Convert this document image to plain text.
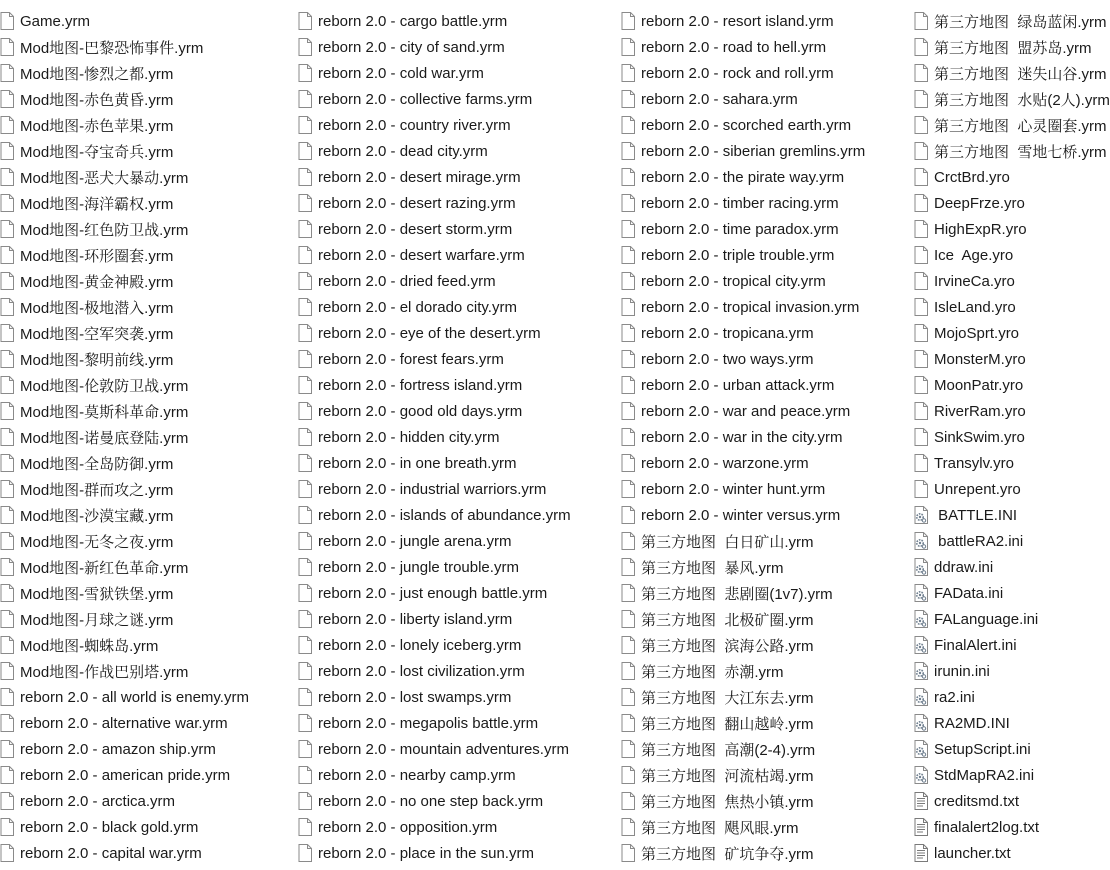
Game.yrm
Mod地图-巴黎恐怖事件.yrm
Mod地图-惨烈之都.yrm
Mod地图-赤色黄昏.yrm
Mod地图-赤色苹果.yrm
Mod地图-夺宝奇兵.yrm
Mod地图-恶犬大暴动.yrm
Mod地图-海洋霸权.yrm
Mod地图-红色防卫战.yrm
Mod地图-环形圈套.yrm
Mod地图-黄金神殿.yrm
Mod地图-极地潜入.yrm
Mod地图-空军突袭.yrm
Mod地图-黎明前线.yrm
Mod地图-伦敦防卫战.yrm
Mod地图-莫斯科革命.yrm
Mod地图-诺曼底登陆.yrm
Mod地图-全岛防御.yrm
Mod地图-群而攻之.yrm
Mod地图-沙漠宝藏.yrm
Mod地图-无冬之夜.yrm
Mod地图-新红色革命.yrm
Mod地图-雪狱铁堡.yrm
Mod地图-月球之谜.yrm
Mod地图-蜘蛛岛.yrm
Mod地图-作战巴别塔.yrm
reborn 2.0 - all world is enemy.yrm
reborn 2.0 - alternative war.yrm
reborn 2.0 - amazon ship.yrm
reborn 2.0 - american pride.yrm
reborn 2.0 - arctica.yrm
reborn 2.0 - black gold.yrm
reborn 2.0 - capital war.yrm
reborn 2.0 - cargo battle.yrm
reborn 2.0 - city of sand.yrm
reborn 2.0 - cold war.yrm
reborn 2.0 - collective farms.yrm
reborn 2.0 - country river.yrm
reborn 2.0 - dead city.yrm
reborn 2.0 - desert mirage.yrm
reborn 2.0 - desert razing.yrm
reborn 2.0 - desert storm.yrm
reborn 2.0 - desert warfare.yrm
reborn 2.0 - dried feed.yrm
reborn 2.0 - el dorado city.yrm
reborn 2.0 - eye of the desert.yrm
reborn 2.0 - forest fears.yrm
reborn 2.0 - fortress island.yrm
reborn 2.0 - good old days.yrm
reborn 2.0 - hidden city.yrm
reborn 2.0 - in one breath.yrm
reborn 2.0 - industrial warriors.yrm
reborn 2.0 - islands of abundance.yrm
reborn 2.0 - jungle arena.yrm
reborn 2.0 - jungle trouble.yrm
reborn 2.0 - just enough battle.yrm
reborn 2.0 - liberty island.yrm
reborn 2.0 - lonely iceberg.yrm
reborn 2.0 - lost civilization.yrm
reborn 2.0 - lost swamps.yrm
reborn 2.0 - megapolis battle.yrm
reborn 2.0 - mountain adventures.yrm
reborn 2.0 - nearby camp.yrm
reborn 2.0 - no one step back.yrm
reborn 2.0 - opposition.yrm
reborn 2.0 - place in the sun.yrm
reborn 2.0 - resort island.yrm
reborn 2.0 - road to hell.yrm
reborn 2.0 - rock and roll.yrm
reborn 2.0 - sahara.yrm
reborn 2.0 - scorched earth.yrm
reborn 2.0 - siberian gremlins.yrm
reborn 2.0 - the pirate way.yrm
reborn 2.0 - timber racing.yrm
reborn 2.0 - time paradox.yrm
reborn 2.0 - triple trouble.yrm
reborn 2.0 - tropical city.yrm
reborn 2.0 - tropical invasion.yrm
reborn 2.0 - tropicana.yrm
reborn 2.0 - two ways.yrm
reborn 2.0 - urban attack.yrm
reborn 2.0 - war and peace.yrm
reborn 2.0 - war in the city.yrm
reborn 2.0 - warzone.yrm
reborn 2.0 - winter hunt.yrm
reborn 2.0 - winter versus.yrm
第三方地图  白日矿山.yrm
第三方地图  暴风.yrm
第三方地图  悲剧圈(1v7).yrm
第三方地图  北极矿圈.yrm
第三方地图  滨海公路.yrm
第三方地图  赤潮.yrm
第三方地图  大江东去.yrm
第三方地图  翻山越岭.yrm
第三方地图  高潮(2-4).yrm
第三方地图  河流枯竭.yrm
第三方地图  焦热小镇.yrm
第三方地图  飓风眼.yrm
第三方地图  矿坑争夺.yrm
第三方地图  绿岛蓝闲.yrm
第三方地图  盟苏岛.yrm
第三方地图  迷失山谷.yrm
第三方地图  水贴(2人).yrm
第三方地图  心灵圈套.yrm
第三方地图  雪地七桥.yrm
CrctBrd.yro
DeepFrze.yro
HighExpR.yro
Ice  Age.yro
IrvineCa.yro
IsleLand.yro
MojoSprt.yro
MonsterM.yro
MoonPatr.yro
RiverRam.yro
SinkSwim.yro
Transylv.yro
Unrepent.yro
BATTLE.INI
battleRA2.ini
ddraw.ini
FAData.ini
FALanguage.ini
FinalAlert.ini
irunin.ini
ra2.ini
RA2MD.INI
SetupScript.ini
StdMapRA2.ini
creditsmd.txt
finalalert2log.txt
launcher.txt
